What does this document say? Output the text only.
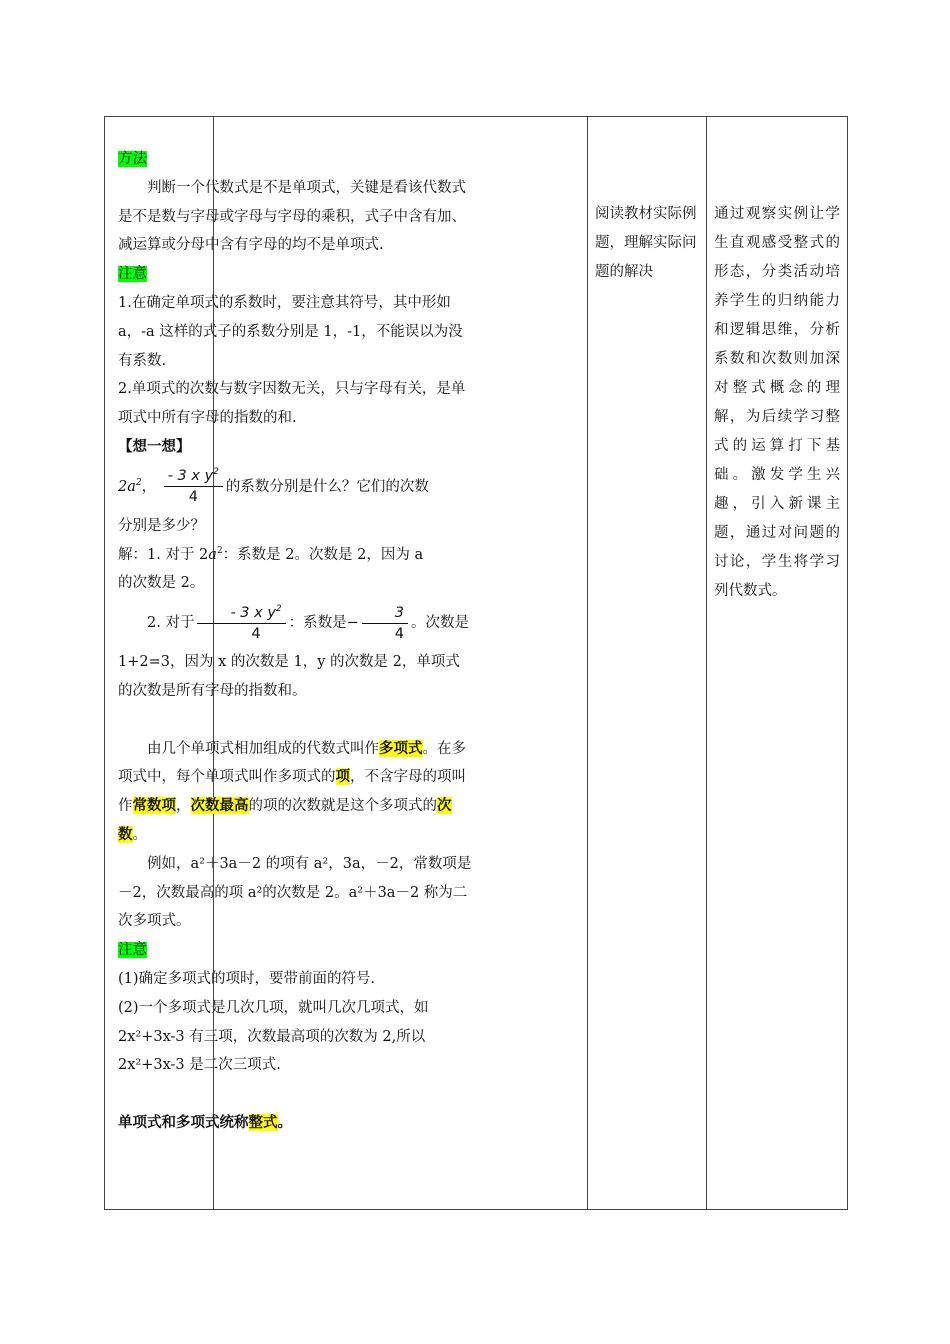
方法

判断一个代数式是不是单项式，关键是看该代数式是不是数与字母或字母与字母的乘积，式子中含有加、减运算或分母中含有字母的均不是单项式.

注意

1.在确定单项式的系数时，要注意其符号，其中形如 a，-a 这样的式子的系数分别是 1，-1，不能误以为没有系数.

2.单项式的次数与数字因数无关，只与字母有关，是单项式中所有字母的指数的和.

【想一想】

$2a^2$， $\frac{- 3 x y^2}{4}$ 的系数分别是什么？它们的次数

分别是多少？

解：1. 对于 $2a^2$：系数是 2。次数是 2，因为 a

的次数是 2。

2. 对于 $\frac{- 3 x y^2}{4}$ ：系数是− $\frac{3}{4}$ 。次数是

1+2=3，因为 x 的次数是 1，y 的次数是 2，单项式的次数是所有字母的指数和。

由几个单项式相加组成的代数式叫作多项式。在多项式中，每个单项式叫作多项式的项，不含字母的项叫作常数项，次数最高的项的次数就是这个多项式的次数。

例如，a²＋3a－2 的项有 a²，3a，－2，常数项是－2，次数最高的项 a²的次数是 2。a²＋3a－2 称为二次多项式。

注意

(1)确定多项式的项时，要带前面的符号.

(2)一个多项式是几次几项，就叫几次几项式，如 2x²+3x-3 有三项，次数最高项的次数为 2,所以 2x²+3x-3 是二次三项式.

单项式和多项式统称整式。

阅读教材实际例题，理解实际问题的解决
通过观察实例让学生直观感受整式的形态，分类活动培养学生的归纳能力和逻辑思维，分析系数和次数则加深对整式概念的理解，为后续学习整式的运算打下基础。激发学生兴趣，引入新课主题，通过对问题的讨论，学生将学习列代数式。
